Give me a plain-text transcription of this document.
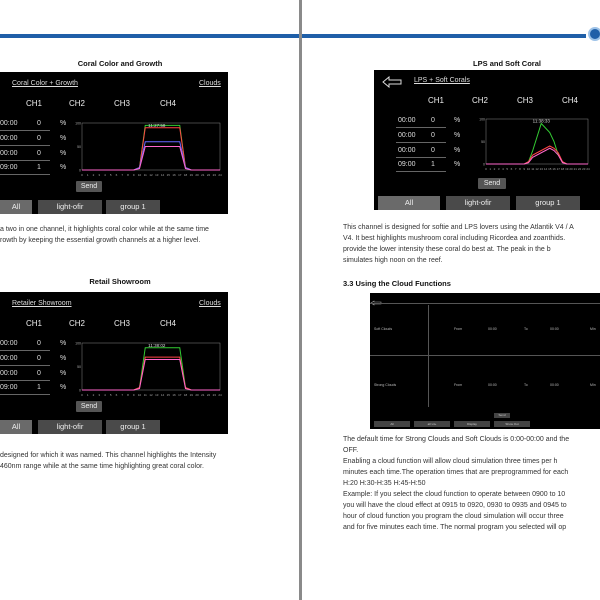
Coral Color and Growth
Coral Color + Growth	Clouds
CH1	CH2	CH3	CH4
00:00	0	%
00:00	0	%
00:00	0	%
09:00	1	%	0
50
100
0 1 2 3 4 5 6 7 8 9 10 11 12 13 14 15 16 17 18 19 20 21 22 23 24
11:27:58
Send
All	light-ofir	group 1
a two in one channel, it highlights coral color while at the same time
rowth by keeping the essential growth channels at a higher level.
Retail Showroom
Retailer Showroom	Clouds
CH1	CH2	CH3	CH4
00:00	0	%
00:00	0	%
00:00	0	%
09:00	1	%	0
50
100
0 1 2 3 4 5 6 7 8 9 10 11 12 13 14 15 16 17 18 19 20 21 22 23 24
11:38:02
Send
All	light-ofir	group 1
designed for which it was named. This channel highlights the Intensity
460nm range while at the same time highlighting great coral color.
LPS and Soft Coral
LPS + Soft Corals
CH1	CH2	CH3	CH4
00:00 0	%
00:00 0	%
00:00 0	%
09:00 1	%	0
50
100
0 1 2 3 4 5 6 7 8 9 10 11 12 13 14 15 16 17 18 19 20 21 22 23 24
11:38:33
Send
All	light-ofir	group 1
This channel is designed for softie and LPS lovers using the Atlantik V4 / A
V4. It best highlights mushroom coral including Ricordea and zoanthids.
provide the lower intensity these coral do best at. The peak in the b
simulates high noon on the reef.
3.3 Using the Cloud Functions
Soft Clouds	From	00:00	To	00:00	Min
Strong Clouds	From	00:00	To	00:00	Min
Send
All	all v4+	Display	Show Out
The default time for Strong Clouds and Soft Clouds is 0:00-00:00 and the
OFF.
Enabling a cloud function will allow cloud simulation three times per h
minutes each time.The operation times that are preprogrammed for each
H:20 H:30-H:35 H:45-H:50
Example: If you select the cloud function to operate between 0900 to 10
you will have the cloud effect at 0915 to 0920, 0930 to 0935 and 0945 to
hour of cloud function you program the cloud simulation will occur three
and for five minutes each time. The normal program you selected will op
